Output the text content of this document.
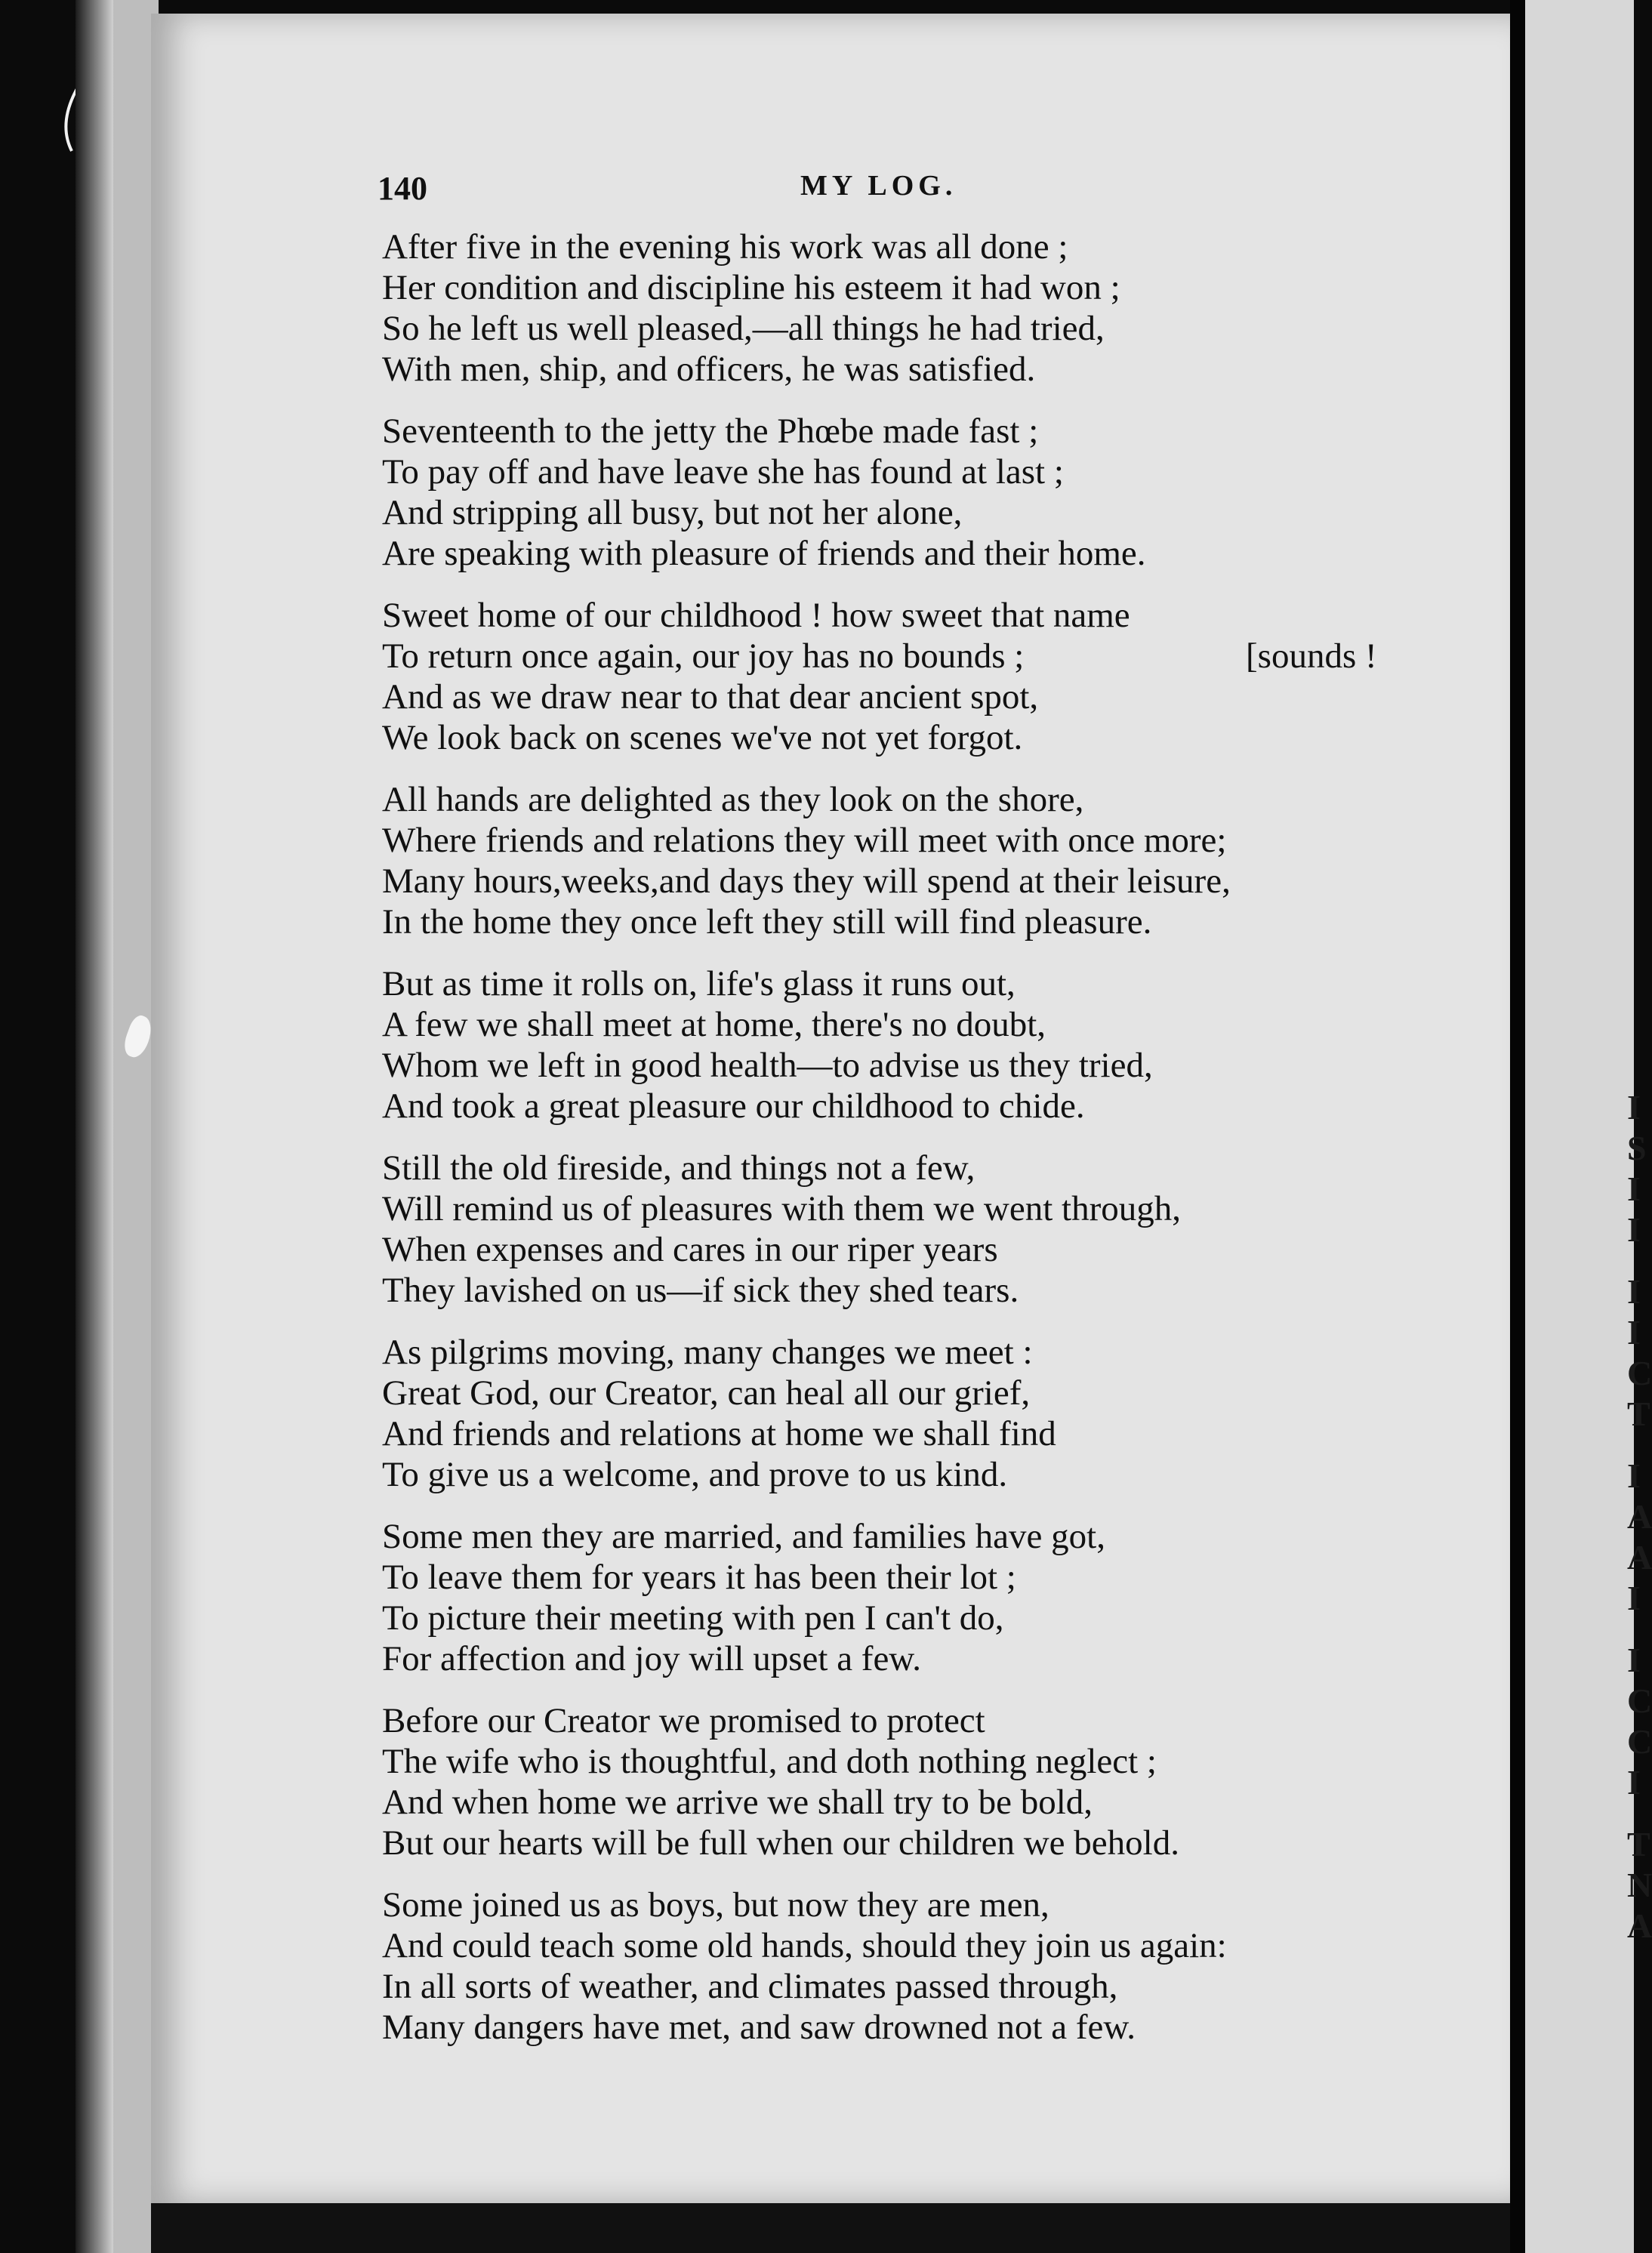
I
S
I
I
I
I
C
T
I
A
A
I
I
C
C
I
T
N
A
140	MY LOG.
After five in the evening his work was all done ;
Her condition and discipline his esteem it had won ;
So he left us well pleased,—all things he had tried,
With men, ship, and officers, he was satisfied.
Seventeenth to the jetty the Phœbe made fast ;
To pay off and have leave she has found at last ;
And stripping all busy, but not her alone,
Are speaking with pleasure of friends and their home.
Sweet home of our childhood ! how sweet that name
To return once again, our joy has no bounds ;	[sounds !
And as we draw near to that dear ancient spot,
We look back on scenes we've not yet forgot.
All hands are delighted as they look on the shore,
Where friends and relations they will meet with once more;
Many hours,weeks,and days they will spend at their leisure,
In the home they once left they still will find pleasure.
But as time it rolls on, life's glass it runs out,
A few we shall meet at home, there's no doubt,
Whom we left in good health—to advise us they tried,
And took a great pleasure our childhood to chide.
Still the old fireside, and things not a few,
Will remind us of pleasures with them we went through,
When expenses and cares in our riper years
They lavished on us—if sick they shed tears.
As pilgrims moving, many changes we meet :
Great God, our Creator, can heal all our grief,
And friends and relations at home we shall find
To give us a welcome, and prove to us kind.
Some men they are married, and families have got,
To leave them for years it has been their lot ;
To picture their meeting with pen I can't do,
For affection and joy will upset a few.
Before our Creator we promised to protect
The wife who is thoughtful, and doth nothing neglect ;
And when home we arrive we shall try to be bold,
But our hearts will be full when our children we behold.
Some joined us as boys, but now they are men,
And could teach some old hands, should they join us again:
In all sorts of weather, and climates passed through,
Many dangers have met, and saw drowned not a few.
